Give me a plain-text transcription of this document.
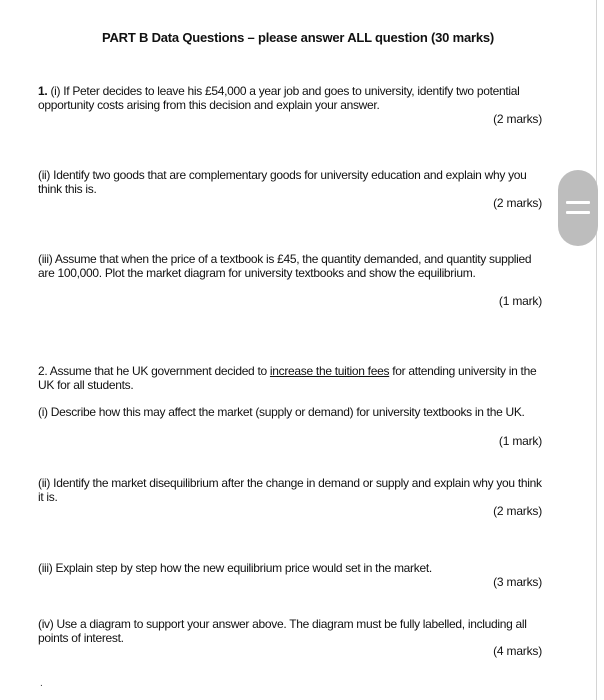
PART B Data Questions – please answer ALL question (30 marks)
1. (i) If Peter decides to leave his £54,000 a year job and goes to university, identify two potential opportunity costs arising from this decision and explain your answer.
(2 marks)
(ii) Identify two goods that are complementary goods for university education and explain why you think this is.
(2 marks)
(iii) Assume that when the price of a textbook is £45, the quantity demanded, and quantity supplied are 100,000. Plot the market diagram for university textbooks and show the equilibrium.
(1 mark)
2. Assume that he UK government decided to increase the tuition fees for attending university in the UK for all students.
(i) Describe how this may affect the market (supply or demand) for university textbooks in the UK.
(1 mark)
(ii) Identify the market disequilibrium after the change in demand or supply and explain why you think it is.
(2 marks)
(iii) Explain step by step how the new equilibrium price would set in the market.
(3 marks)
(iv) Use a diagram to support your answer above. The diagram must be fully labelled, including all points of interest.
(4 marks)
.
